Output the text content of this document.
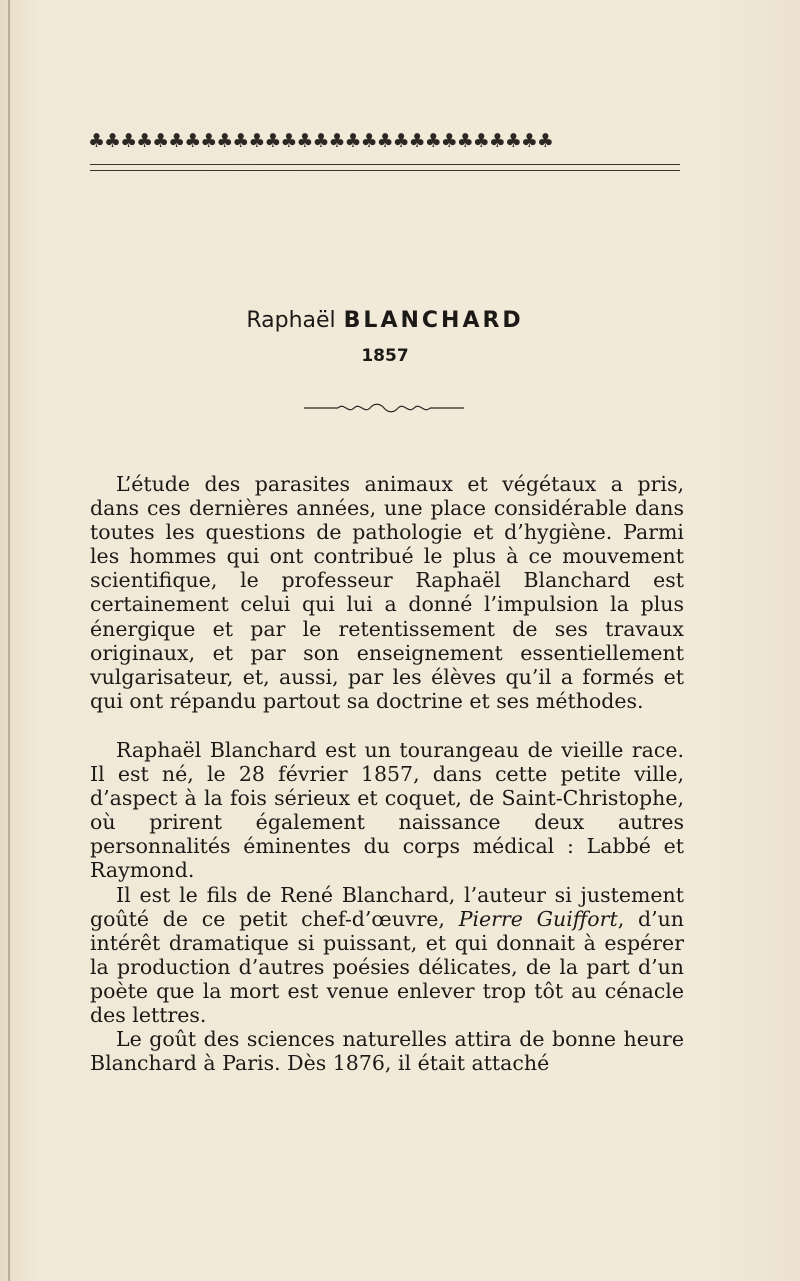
♣♣♣♣♣♣♣♣♣♣♣♣♣♣♣♣♣♣♣♣♣♣♣♣♣♣♣♣♣
Raphaël BLANCHARD
1857

L’étude des parasites animaux et végétaux a pris, dans ces dernières années, une place considérable dans toutes les questions de pathologie et d’hygiène. Parmi les hommes qui ont contribué le plus à ce mouvement scientifique, le professeur Raphaël Blanchard est certainement celui qui lui a donné l’impulsion la plus énergique et par le retentissement de ses travaux originaux, et par son enseignement essentiellement vulgarisateur, et, aussi, par les élèves qu’il a formés et qui ont répandu partout sa doctrine et ses méthodes.

Raphaël Blanchard est un tourangeau de vieille race. Il est né, le 28 février 1857, dans cette petite ville, d’aspect à la fois sérieux et coquet, de Saint-Christophe, où prirent également naissance deux autres personnalités éminentes du corps médical : Labbé et Raymond.

Il est le fils de René Blanchard, l’auteur si justement goûté de ce petit chef-d’œuvre, Pierre Guiffort, d’un intérêt dramatique si puissant, et qui donnait à espérer la production d’autres poésies délicates, de la part d’un poète que la mort est venue enlever trop tôt au cénacle des lettres.

Le goût des sciences naturelles attira de bonne heure Blanchard à Paris. Dès 1876, il était attaché
